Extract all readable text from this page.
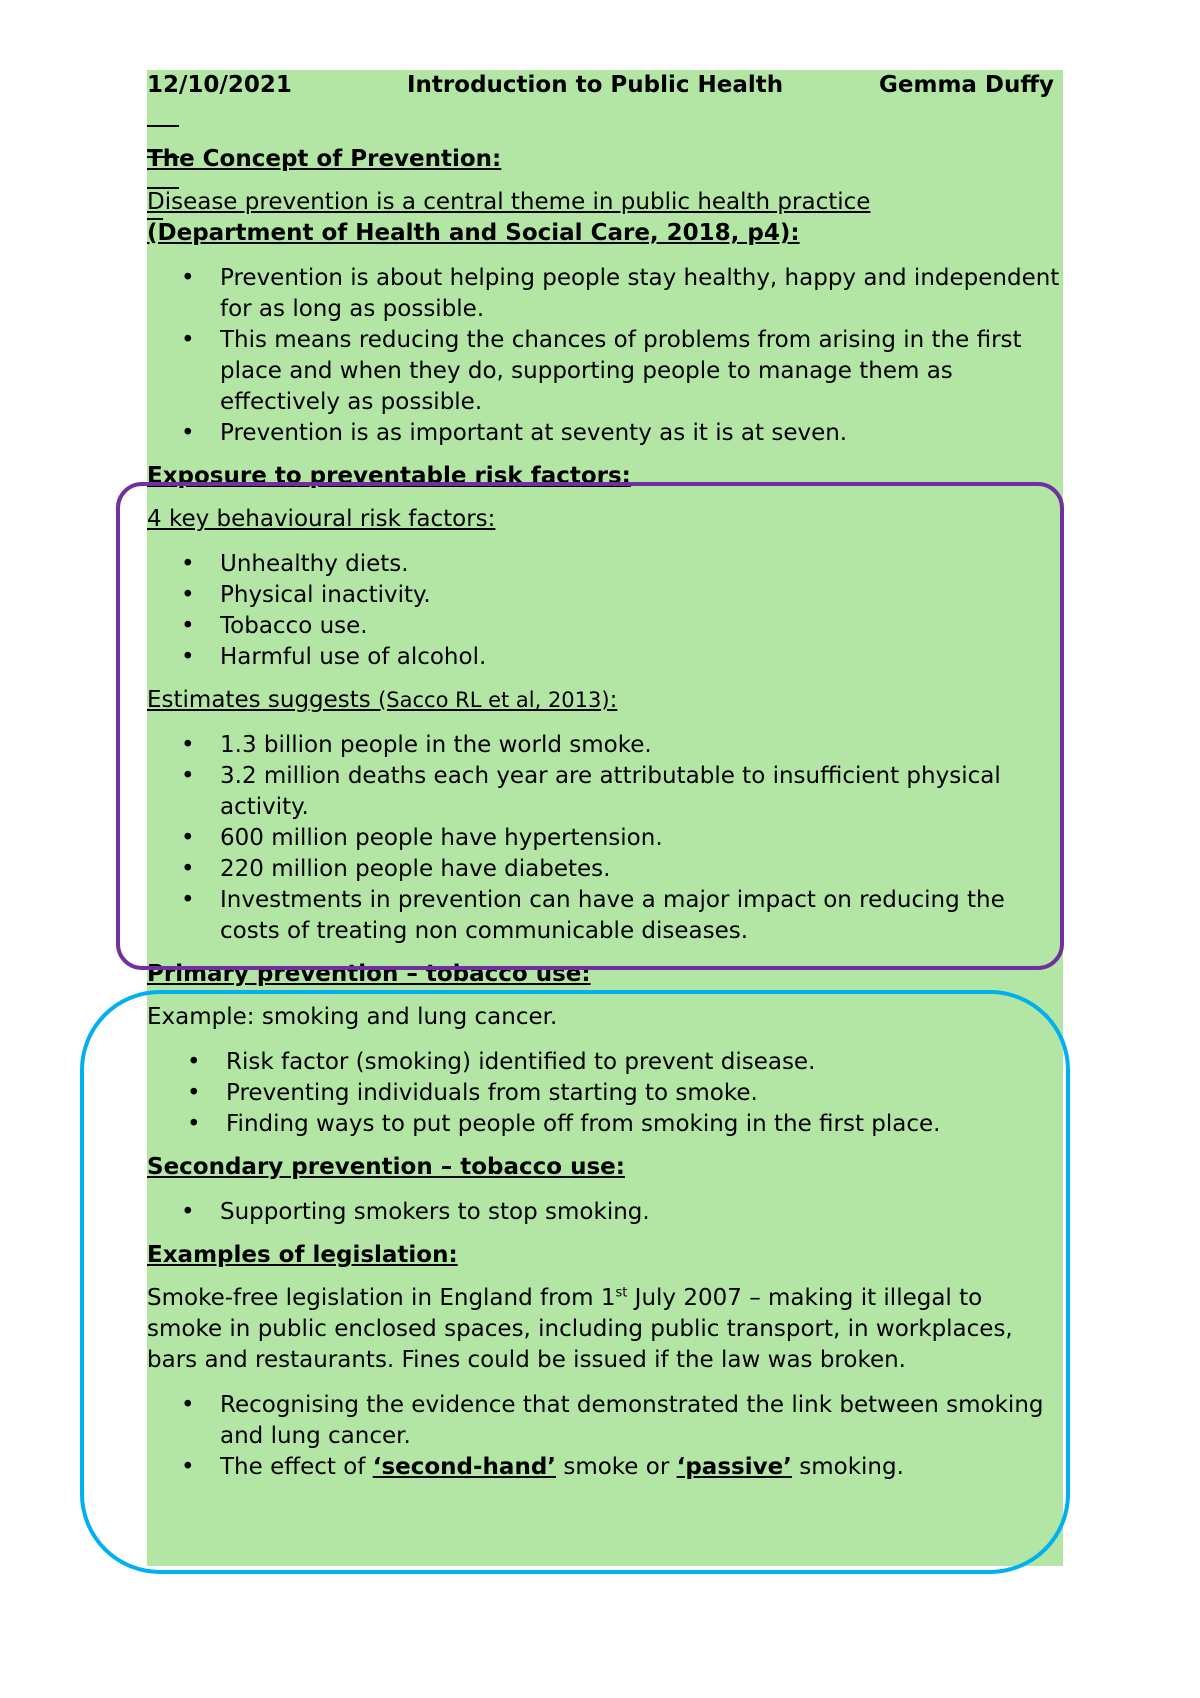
12/10/2021

	Introduction to Public Health

	Gemma Duffy

The Concept of Prevention:

Disease prevention is a central theme in public health practice

(Department of Health and Social Care, 2018, p4):

• Prevention is about helping people stay healthy, happy and independent for as long as possible.
• This means reducing the chances of problems from arising in the first place and when they do, supporting people to manage them as effectively as possible.
• Prevention is as important at seventy as it is at seven.

Exposure to preventable risk factors:

4 key behavioural risk factors:

• Unhealthy diets.
• Physical inactivity.
• Tobacco use.
• Harmful use of alcohol.

Estimates suggests (Sacco RL et al, 2013):

• 1.3 billion people in the world smoke.
• 3.2 million deaths each year are attributable to insufficient physical activity.
• 600 million people have hypertension.
• 220 million people have diabetes.
• Investments in prevention can have a major impact on reducing the costs of treating non communicable diseases.

Primary prevention – tobacco use:

Example: smoking and lung cancer.

• Risk factor (smoking) identified to prevent disease.
• Preventing individuals from starting to smoke.
• Finding ways to put people off from smoking in the first place.

Secondary prevention – tobacco use:

• Supporting smokers to stop smoking.

Examples of legislation:

Smoke-free legislation in England from 1st July 2007 – making it illegal to smoke in public enclosed spaces, including public transport, in workplaces, bars and restaurants. Fines could be issued if the law was broken.

• Recognising the evidence that demonstrated the link between smoking and lung cancer.
• The effect of ‘second-hand’ smoke or ‘passive’ smoking.
